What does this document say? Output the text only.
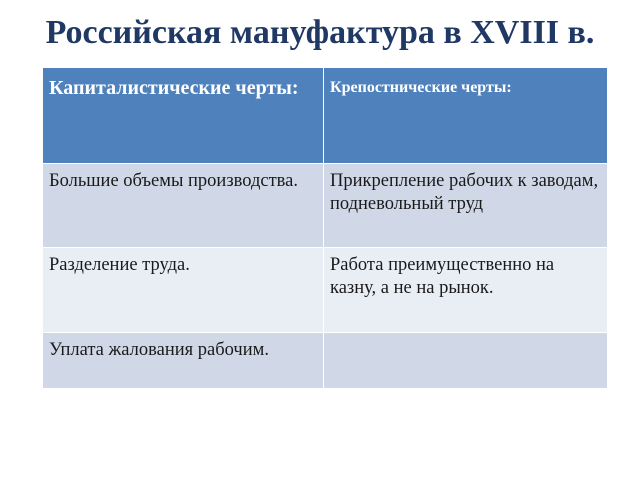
Российская мануфактура в XVIII в.
Капиталистические черты:	Крепостнические черты:
Большие объемы производства.	Прикрепление рабочих к заводам, подневольный труд
Разделение труда.	Работа преимущественно на казну, а не на рынок.
Уплата жалования рабочим.	
